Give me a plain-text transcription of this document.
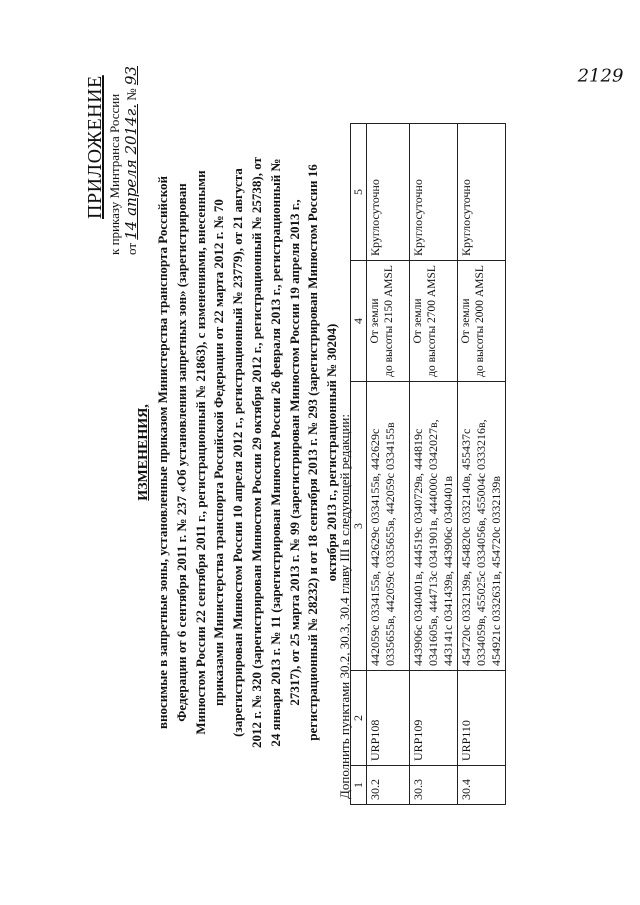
ПРИЛОЖЕНИЕ к приказу Минтранса России от 14 апреля 2014г. № 93
ИЗМЕНЕНИЯ, вносимые в запретные зоны, установленные приказом Министерства транспорта Российской Федерации от 6 сентября 2011 г. № 237 «Об установлении запретных зон» (зарегистрирован Минюстом России 22 сентября 2011 г., регистрационный № 21863), с изменениями, внесенными приказами Министерства транспорта Российской Федерации от 22 марта 2012 г. № 70 (зарегистрирован Минюстом России 10 апреля 2012 г., регистрационный № 23779), от 21 августа 2012 г. № 320 (зарегистрирован Минюстом России 29 октября 2012 г., регистрационный № 25738), от 24 января 2013 г. № 11 (зарегистрирован Минюстом России 26 февраля 2013 г., регистрационный № 27317), от 25 марта 2013 г. № 99 (зарегистрирован Минюстом России 19 апреля 2013 г., регистрационный № 28232) и от 18 сентября 2013 г. № 293 (зарегистрирован Минюстом России 16 октября 2013 г., регистрационный № 30204)
Дополнить пунктами 30.2, 30.3, 30.4 главу III в следующей редакции: 1	2	3	4	5
30.2	URP108	442059с 0334155в, 442629с 0334155в, 442629с 0335655в, 442059с 0335655в, 442059с 0334155в	От земли до высоты 2150 AMSL	Круглосуточно
30.3	URP109	443906с 0340401в, 444519с 0340729в, 444819с 0341605в, 444713с 0341901в, 444000с 0342027в, 443141с 0341439в, 443906с 0340401в	От земли до высоты 2700 AMSL	Круглосуточно
30.4	URP110	454720с 0332139в, 454820с 0332140в, 455437с 0334059в, 455025с 0334056в, 455004с 0333216в, 454921с 0332631в, 454720с 0332139в	От земли до высоты 2000 AMSL	Круглосуточно
2129
